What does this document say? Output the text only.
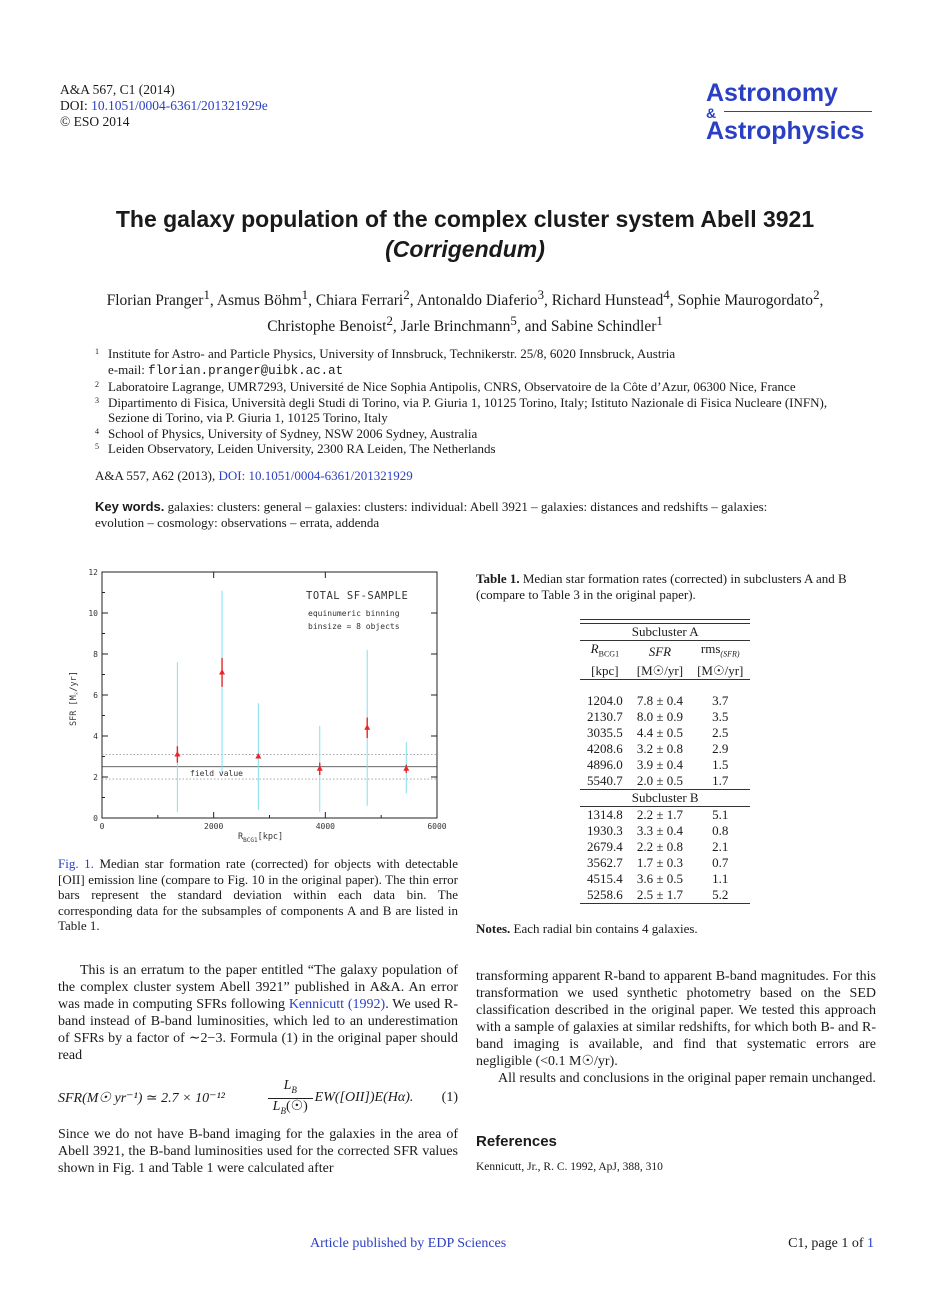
A&A 567, C1 (2014)
DOI: 10.1051/0004-6361/201321929e
© ESO 2014
Astronomy
&
Astrophysics
The galaxy population of the complex cluster system Abell 3921
(Corrigendum)
Florian Pranger$^1$, Asmus Böhm$^1$, Chiara Ferrari$^2$, Antonaldo Diaferio$^3$, Richard Hunstead$^4$, Sophie Maurogordato$^2$,
Christophe Benoist$^2$, Jarle Brinchmann$^5$, and Sabine Schindler$^1$
1 Institute for Astro- and Particle Physics, University of Innsbruck, Technikerstr. 25/8, 6020 Innsbruck, Austria
e-mail: florian.pranger@uibk.ac.at
2 Laboratoire Lagrange, UMR7293, Université de Nice Sophia Antipolis, CNRS, Observatoire de la Côte d’Azur, 06300 Nice, France
3 Dipartimento di Fisica, Università degli Studi di Torino, via P. Giuria 1, 10125 Torino, Italy; Istituto Nazionale di Fisica Nucleare (INFN), Sezione di Torino, via P. Giuria 1, 10125 Torino, Italy
4 School of Physics, University of Sydney, NSW 2006 Sydney, Australia
5 Leiden Observatory, Leiden University, 2300 RA Leiden, The Netherlands
A&A 557, A62 (2013), DOI: 10.1051/0004-6361/201321929
Key words. galaxies: clusters: general – galaxies: clusters: individual: Abell 3921 – galaxies: distances and redshifts – galaxies: evolution – cosmology: observations – errata, addenda
0	2000	4000	6000
0
2
4
6
8
10
12
TOTAL SF-SAMPLE
equinumeric binning
binsize = 8 objects
field value
$R_{BCG1}[kpc]$
SFR $[M_☉/yr]$
Fig. 1. Median star formation rate (corrected) for objects with detectable [OII] emission line (compare to Fig. 10 in the original paper). The thin error bars represent the standard deviation within each data bin. The corresponding data for the subsamples of components A and B are listed in Table 1.
Table 1. Median star formation rates (corrected) in subclusters A and B (compare to Table 3 in the original paper).

Subcluster A		
$R_{BCG1}$	SFR	rms$_{(SFR)}$
[kpc]	[M☉/yr]	[M☉/yr]

1204.0	7.8 ± 0.4	3.7
2130.7	8.0 ± 0.9	3.5
3035.5	4.4 ± 0.5	2.5
4208.6	3.2 ± 0.8	2.9
4896.0	3.9 ± 0.4	1.5
5540.7	2.0 ± 0.5	1.7
Subcluster B		
1314.8	2.2 ± 1.7	5.1
1930.3	3.3 ± 0.4	0.8
2679.4	2.2 ± 0.8	2.1
3562.7	1.7 ± 0.3	0.7
4515.4	3.6 ± 0.5	1.1
5258.6	2.5 ± 1.7	5.2

Notes. Each radial bin contains 4 galaxies.

This is an erratum to the paper entitled “The galaxy population of the complex cluster system Abell 3921” published in A&A. An error was made in computing SFRs following Kennicutt (1992). We used R-band instead of B-band luminosities, which led to an underestimation of SFRs by a factor of ∼2−3. Formula (1) in the original paper should read

SFR(M☉ yr⁻¹) ≃ 2.7 × 10⁻¹²	
$L_B$
$L_B(☉)$
	EW([OII])E(Hα).	(1)
Since we do not have B-band imaging for the galaxies in the area of Abell 3921, the B-band luminosities used for the corrected SFR values shown in Fig. 1 and Table 1 were calculated after

transforming apparent R-band to apparent B-band magnitudes. For this transformation we used synthetic photometry based on the SED classification described in the original paper. We tested this approach with a sample of galaxies at similar redshifts, for which both B- and R-band imaging is available, and find that systematic errors are negligible (<0.1 M☉/yr).

All results and conclusions in the original paper remain unchanged.

References
Kennicutt, Jr., R. C. 1992, ApJ, 388, 310
Article published by EDP Sciences	C1, page 1 of 1
